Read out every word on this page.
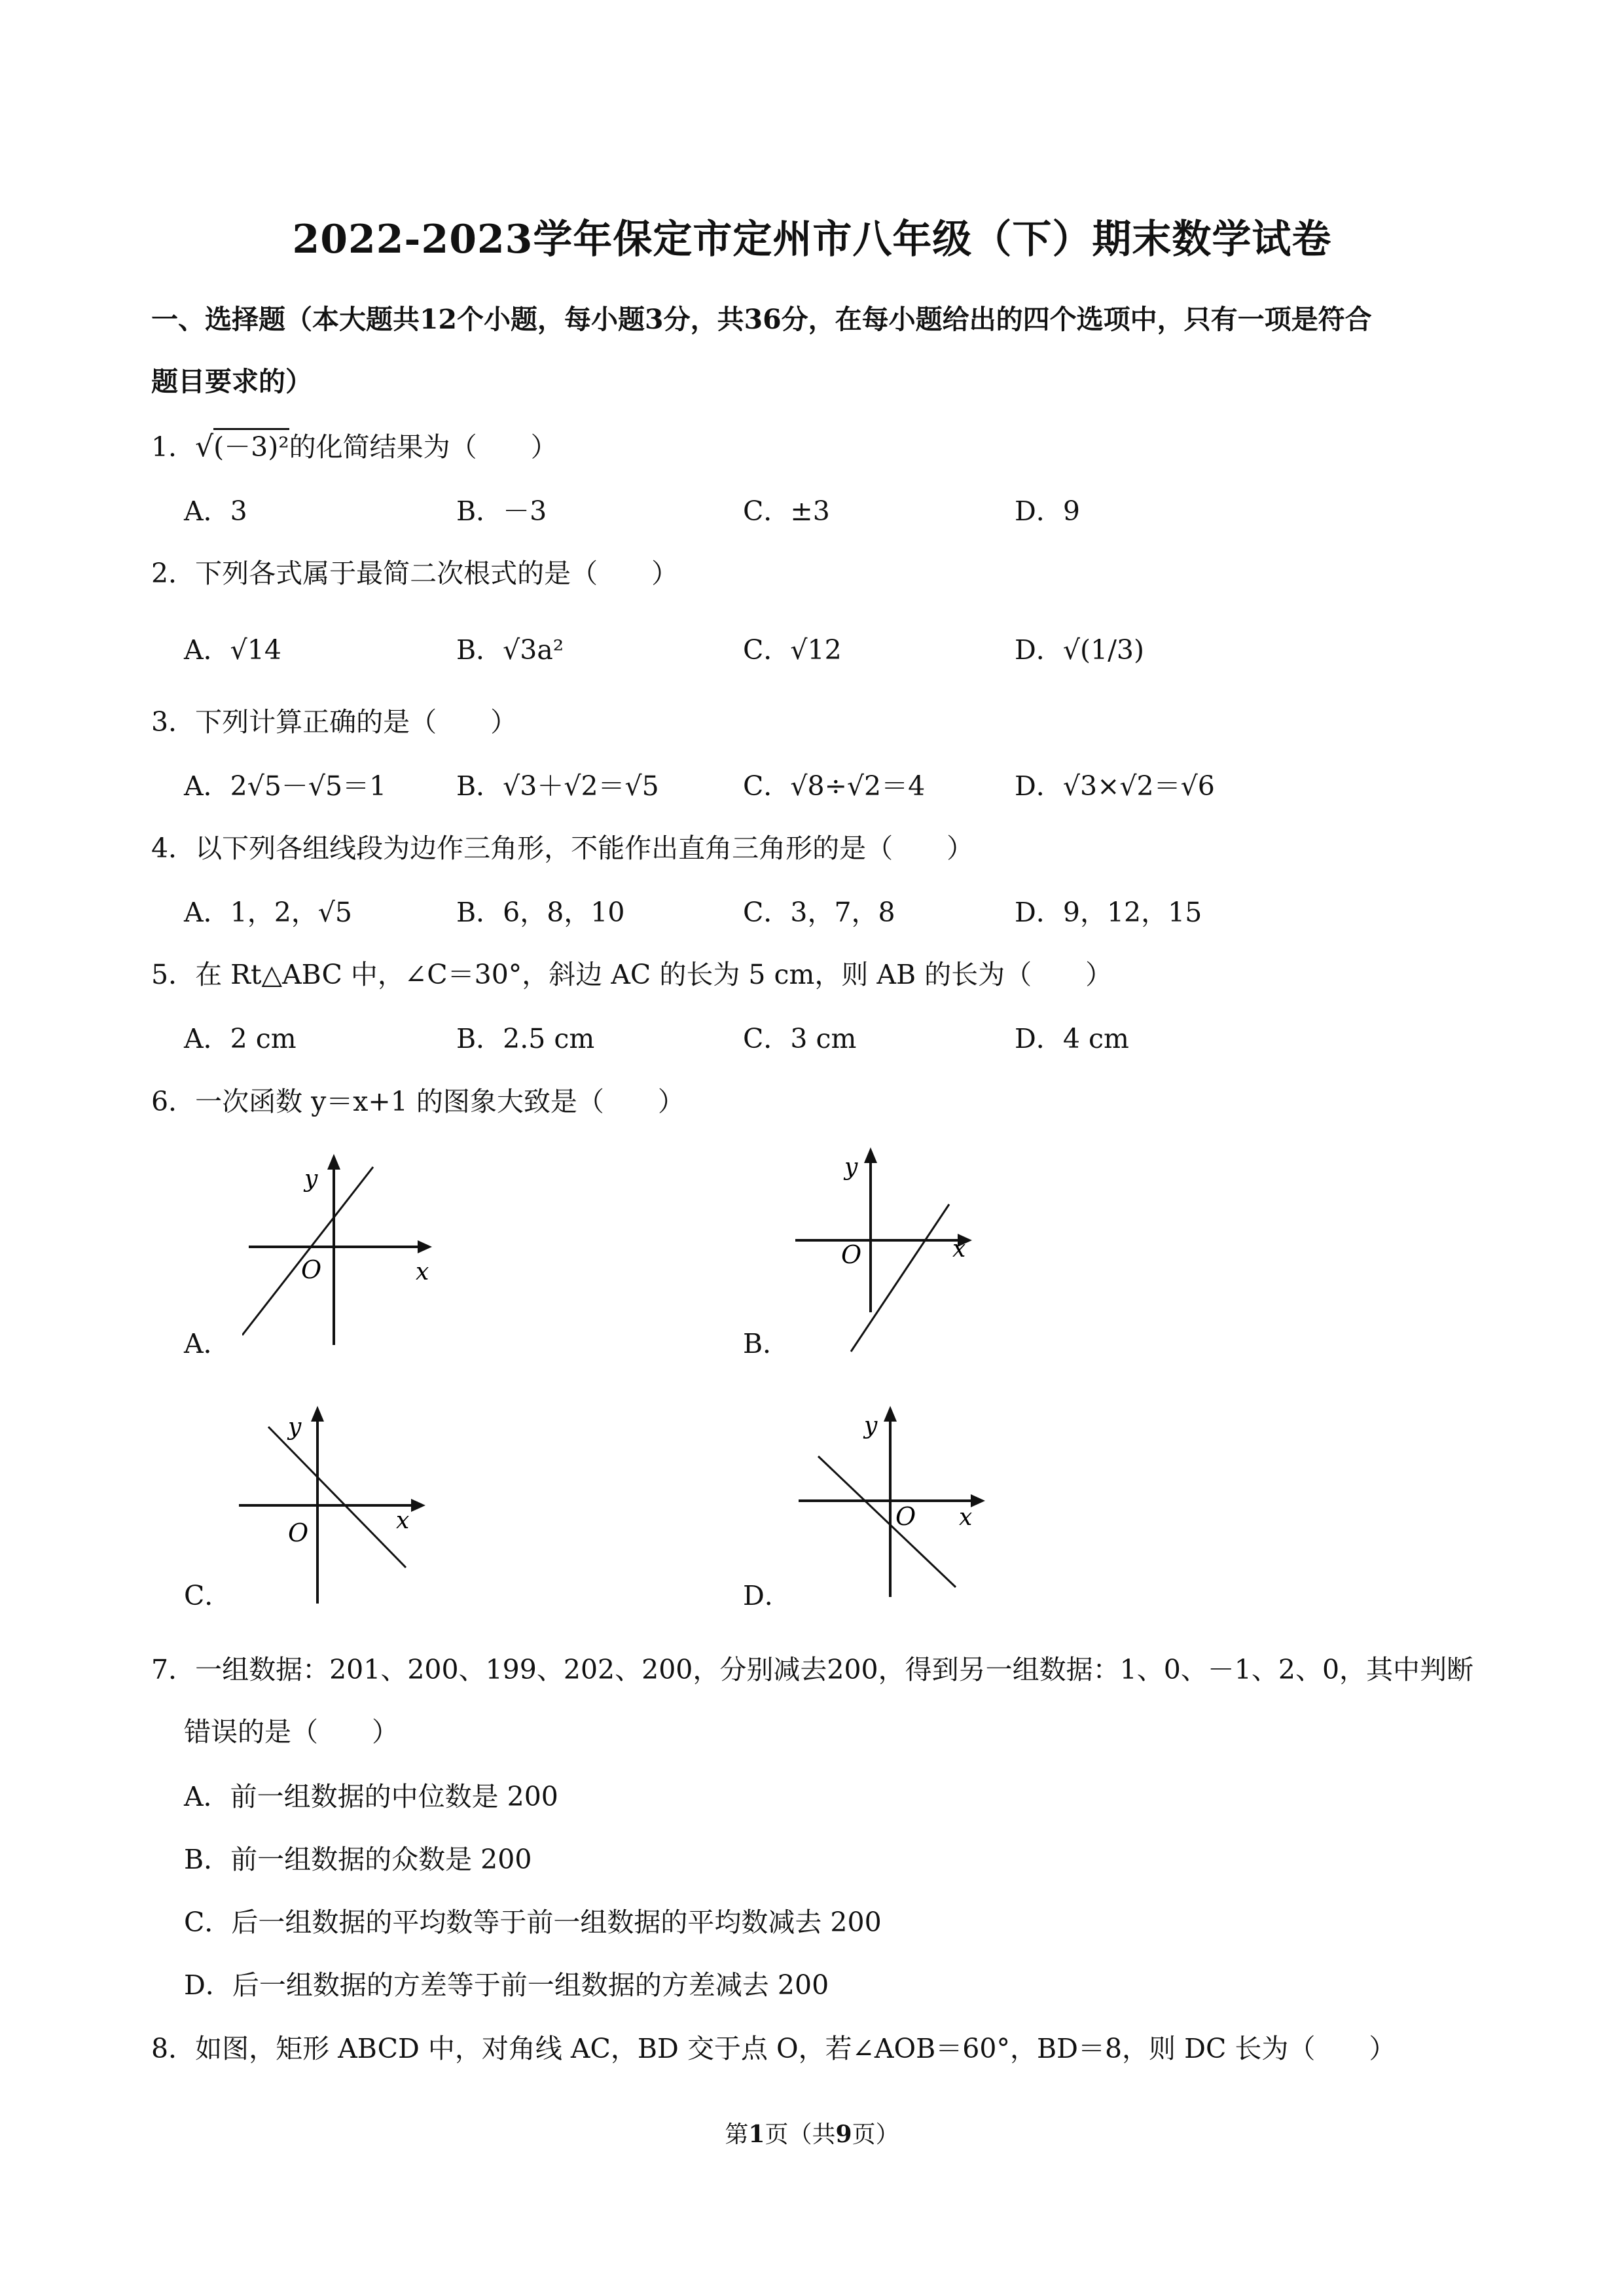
2022-2023学年保定市定州市八年级（下）期末数学试卷
一、选择题（本大题共12个小题，每小题3分，共36分，在每小题给出的四个选项中，只有一项是符合
题目要求的）
1．√(－3)²的化简结果为（　　）
A．3	B．－3	C．±3	D．9
2．下列各式属于最简二次根式的是（　　）
A．√14	B．√3a²	C．√12	D．√(1/3)
3．下列计算正确的是（　　）
A．2√5－√5＝1	B．√3＋√2＝√5	C．√8÷√2＝4	D．√3×√2＝√6
4．以下列各组线段为边作三角形，不能作出直角三角形的是（　　）
A．1，2，√5	B．6，8，10	C．3，7，8	D．9，12，15
5．在 Rt△ABC 中，∠C＝30°，斜边 AC 的长为 5 cm，则 AB 的长为（　　）
A．2 cm	B．2.5 cm	C．3 cm	D．4 cm
6．一次函数 y＝x+1 的图象大致是（　　）
y
x
O
A．
y
x
O
B．
y
x
O
C．
y
x
O
D．
7．一组数据：201、200、199、202、200，分别减去200，得到另一组数据：1、0、－1、2、0，其中判断
错误的是（　　）
A．前一组数据的中位数是 200
B．前一组数据的众数是 200
C．后一组数据的平均数等于前一组数据的平均数减去 200
D．后一组数据的方差等于前一组数据的方差减去 200
8．如图，矩形 ABCD 中，对角线 AC，BD 交于点 O，若∠AOB＝60°，BD＝8，则 DC 长为（　　）
第1页（共9页）
